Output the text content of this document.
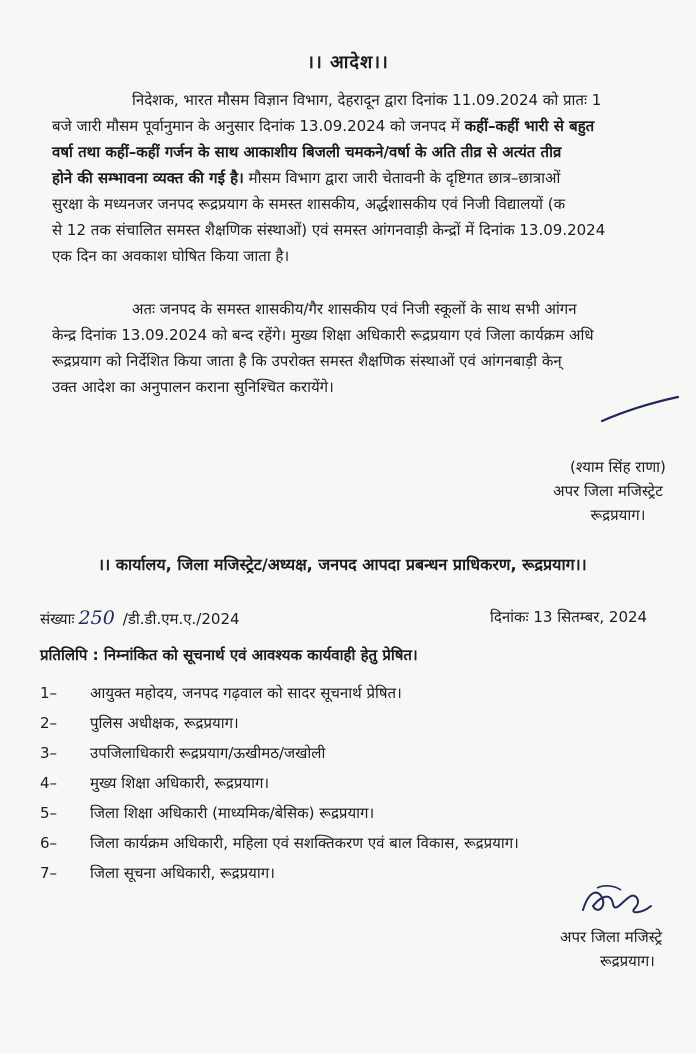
।। आदेश।।
निदेशक, भारत मौसम विज्ञान विभाग, देहरादून द्वारा दिनांक 11.09.2024 को प्रातः 1
बजे जारी मौसम पूर्वानुमान के अनुसार दिनांक 13.09.2024 को जनपद में कहीं–कहीं भारी से बहुत
वर्षा तथा कहीं–कहीं गर्जन के साथ आकाशीय बिजली चमकने/वर्षा के अति तीव्र से अत्यंत तीव्र
होने की सम्भावना व्यक्त की गई है। मौसम विभाग द्वारा जारी चेतावनी के दृष्टिगत छात्र–छात्राओं
सुरक्षा के मध्यनजर जनपद रूद्रप्रयाग के समस्त शासकीय, अर्द्धशासकीय एवं निजी विद्यालयों (क
से 12 तक संचालित समस्त शैक्षणिक संस्थाओं) एवं समस्त आंगनवाड़ी केन्द्रों में दिनांक 13.09.2024
एक दिन का अवकाश घोषित किया जाता है।
अतः जनपद के समस्त शासकीय/गैर शासकीय एवं निजी स्कूलों के साथ सभी आंगन
केन्द्र दिनांक 13.09.2024 को बन्द रहेंगे। मुख्य शिक्षा अधिकारी रूद्रप्रयाग एवं जिला कार्यक्रम अधि
रूद्रप्रयाग को निर्देशित किया जाता है कि उपरोक्त समस्त शैक्षणिक संस्थाओं एवं आंगनबाड़ी केन्
उक्त आदेश का अनुपालन कराना सुनिश्चित करायेंगे।
(श्याम सिंह राणा)
अपर जिला मजिस्ट्रेट
रूद्रप्रयाग।
।। कार्यालय, जिला मजिस्ट्रेट/अध्यक्ष, जनपद आपदा प्रबन्धन प्राधिकरण, रूद्रप्रयाग।।
संख्याः 250 /डी.डी.एम.ए./2024	दिनांकः 13 सितम्बर, 2024
प्रतिलिपि : निम्नांकित को सूचनार्थ एवं आवश्यक कार्यवाही हेतु प्रेषित।
1– आयुक्त महोदय, जनपद गढ़वाल को सादर सूचनार्थ प्रेषित।
2– पुलिस अधीक्षक, रूद्रप्रयाग।
3– उपजिलाधिकारी रूद्रप्रयाग/ऊखीमठ/जखोली
4– मुख्य शिक्षा अधिकारी, रूद्रप्रयाग।
5– जिला शिक्षा अधिकारी (माध्यमिक/बेसिक) रूद्रप्रयाग।
6– जिला कार्यक्रम अधिकारी, महिला एवं सशक्तिकरण एवं बाल विकास, रूद्रप्रयाग।
7– जिला सूचना अधिकारी, रूद्रप्रयाग।
अपर जिला मजिस्ट्रे
रूद्रप्रयाग।
